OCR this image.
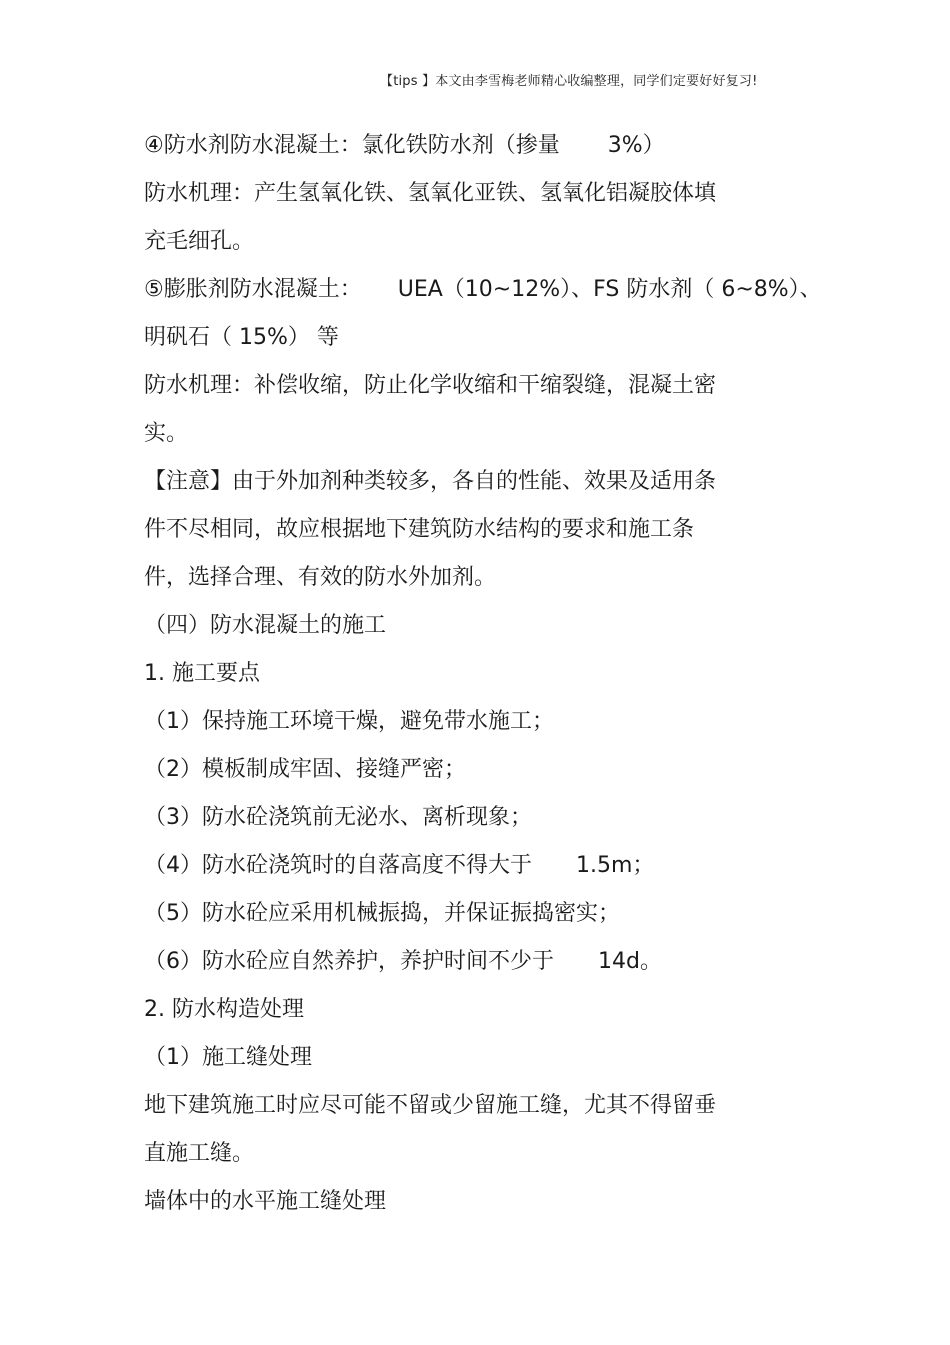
【tips 】本文由李雪梅老师精心收编整理，同学们定要好好复习!
④防水剂防水混凝土：氯化铁防水剂（掺量 3%）
防水机理：产生氢氧化铁、氢氧化亚铁、氢氧化铝凝胶体填
充毛细孔。
⑤膨胀剂防水混凝土： UEA（10~12%）、FS 防水剂（ 6~8%）、
明矾石（ 15%） 等
防水机理：补偿收缩，防止化学收缩和干缩裂缝，混凝土密
实。
【注意】由于外加剂种类较多，各自的性能、效果及适用条
件不尽相同，故应根据地下建筑防水结构的要求和施工条
件，选择合理、有效的防水外加剂。
（四）防水混凝土的施工
1. 施工要点
（1）保持施工环境干燥，避免带水施工；
（2）模板制成牢固、接缝严密；
（3）防水砼浇筑前无泌水、离析现象；
（4）防水砼浇筑时的自落高度不得大于 1.5m；
（5）防水砼应采用机械振捣，并保证振捣密实；
（6）防水砼应自然养护，养护时间不少于 14d。
2. 防水构造处理
（1）施工缝处理
地下建筑施工时应尽可能不留或少留施工缝，尤其不得留垂
直施工缝。
墙体中的水平施工缝处理
